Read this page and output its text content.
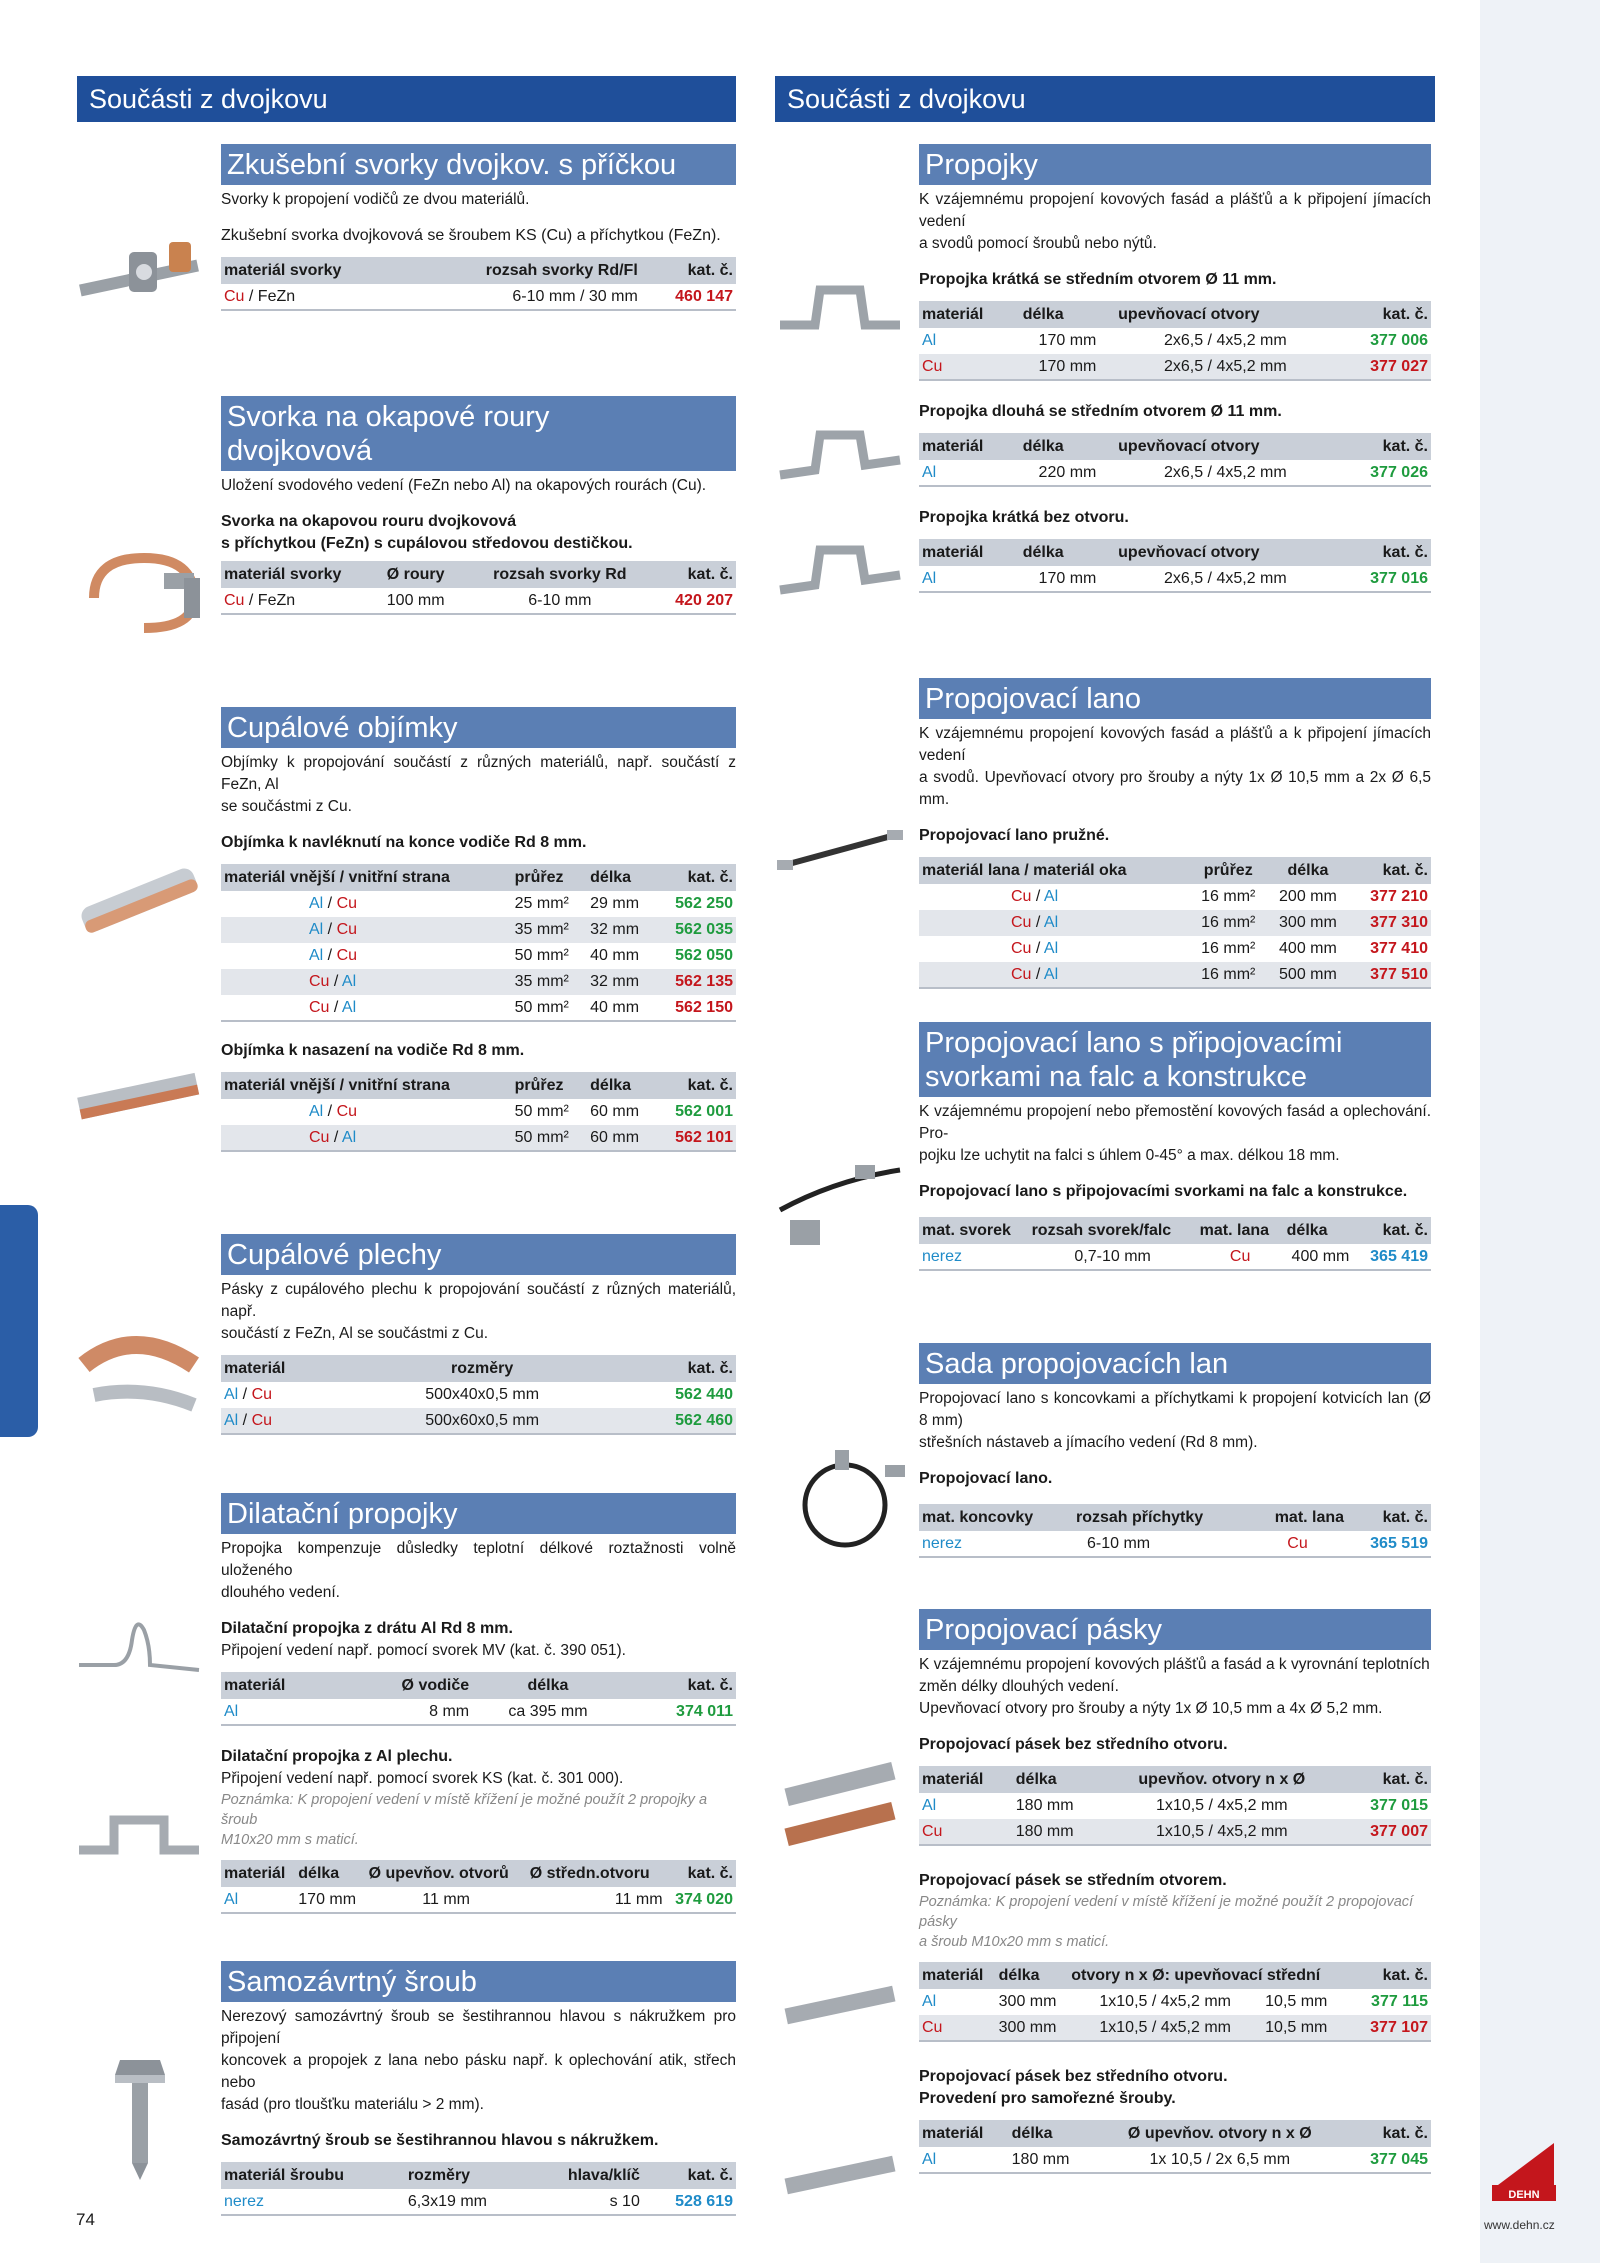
Součásti z dvojkovu	Součásti z dvojkovu
Zkušební svorky dvojkov. s příčkou
Svorky k propojení vodičů ze dvou materiálů.
Zkušební svorka dvojkovová se šroubem KS (Cu) a příchytkou (FeZn).
materiál svorky	rozsah svorky Rd/Fl	kat. č.
Cu / FeZn	6-10 mm / 30 mm	460 147
Svorka na okapové roury
dvojkovová
Uložení svodového vedení (FeZn nebo Al) na okapových rourách (Cu).
Svorka na okapovou rouru dvojkovová
s příchytkou (FeZn) s cupálovou středovou destičkou.
materiál svorky	Ø roury	rozsah svorky Rd	kat. č.
Cu / FeZn	100 mm	6-10 mm	420 207
Cupálové objímky
Objímky k propojování součástí z různých materiálů, např. součástí z FeZn, Al
se součástmi z Cu.
Objímka k navléknutí na konce vodiče Rd 8 mm.
materiál vnější / vnitřní strana	průřez	délka	kat. č.
Al / Cu	25 mm²	29 mm	562 250
Al / Cu	35 mm²	32 mm	562 035
Al / Cu	50 mm²	40 mm	562 050
Cu / Al	35 mm²	32 mm	562 135
Cu / Al	50 mm²	40 mm	562 150
Objímka k nasazení na vodiče Rd 8 mm.
materiál vnější / vnitřní strana	průřez	délka	kat. č.
Al / Cu	50 mm²	60 mm	562 001
Cu / Al	50 mm²	60 mm	562 101
Cupálové plechy
Pásky z cupálového plechu k propojování součástí z různých materiálů, např.
součástí z FeZn, Al se součástmi z Cu.
materiál	rozměry	kat. č.
Al / Cu	500x40x0,5 mm	562 440
Al / Cu	500x60x0,5 mm	562 460
Dilatační propojky
Propojka kompenzuje důsledky teplotní délkové roztažnosti volně uloženého
dlouhého vedení.
Dilatační propojka z drátu Al Rd 8 mm.
Připojení vedení např. pomocí svorek MV (kat. č. 390 051).
materiál	Ø vodiče	délka	kat. č.
Al	8 mm	ca 395 mm	374 011
Dilatační propojka z Al plechu.
Připojení vedení např. pomocí svorek KS (kat. č. 301 000).
Poznámka: K propojení vedení v místě křížení je možné použít 2 propojky a šroub
M10x20 mm s maticí.
materiál	délka	Ø upevňov. otvorů	Ø středn.otvoru	kat. č.
Al	170 mm	11 mm	11 mm	374 020
Samozávrtný šroub
Nerezový samozávrtný šroub se šestihrannou hlavou s nákružkem pro připojení
koncovek a propojek z lana nebo pásku např. k oplechování atik, střech nebo
fasád (pro tloušťku materiálu > 2 mm).
Samozávrtný šroub se šestihrannou hlavou s nákružkem.
materiál šroubu	rozměry	hlava/klíč	kat. č.
nerez	6,3x19 mm	s 10	528 619
Propojky
K vzájemnému propojení kovových fasád a plášťů a k připojení jímacích vedení
a svodů pomocí šroubů nebo nýtů.
Propojka krátká se středním otvorem Ø 11 mm.
materiál	délka	upevňovací otvory	kat. č.
Al	170 mm	2x6,5 / 4x5,2 mm	377 006
Cu	170 mm	2x6,5 / 4x5,2 mm	377 027
Propojka dlouhá se středním otvorem Ø 11 mm.
materiál	délka	upevňovací otvory	kat. č.
Al	220 mm	2x6,5 / 4x5,2 mm	377 026
Propojka krátká bez otvoru.
materiál	délka	upevňovací otvory	kat. č.
Al	170 mm	2x6,5 / 4x5,2 mm	377 016
Propojovací lano
K vzájemnému propojení kovových fasád a plášťů a k připojení jímacích vedení
a svodů. Upevňovací otvory pro šrouby a nýty 1x Ø 10,5 mm a 2x Ø 6,5 mm.
Propojovací lano pružné.
materiál lana / materiál oka	průřez	délka	kat. č.
Cu / Al	16 mm²	200 mm	377 210
Cu / Al	16 mm²	300 mm	377 310
Cu / Al	16 mm²	400 mm	377 410
Cu / Al	16 mm²	500 mm	377 510
Propojovací lano s připojovacími
svorkami na falc a konstrukce
K vzájemnému propojení nebo přemostění kovových fasád a oplechování. Pro-
pojku lze uchytit na falci s úhlem 0-45° a max. délkou 18 mm.
Propojovací lano s připojovacími svorkami na falc a konstrukce.
mat. svorek	rozsah svorek/falc	mat. lana	délka	kat. č.
nerez	0,7-10 mm	Cu	400 mm	365 419
Sada propojovacích lan
Propojovací lano s koncovkami a příchytkami k propojení kotvicích lan (Ø 8 mm)
střešních nástaveb a jímacího vedení (Rd 8 mm).
Propojovací lano.
mat. koncovky	rozsah příchytky	mat. lana	kat. č.
nerez	6-10 mm	Cu	365 519
Propojovací pásky
K vzájemnému propojení kovových plášťů a fasád a k vyrovnání teplotních
změn délky dlouhých vedení.
Upevňovací otvory pro šrouby a nýty 1x Ø 10,5 mm a 4x Ø 5,2 mm.
Propojovací pásek bez středního otvoru.
materiál	délka	upevňov. otvory n x Ø	kat. č.
Al	180 mm	1x10,5 / 4x5,2 mm	377 015
Cu	180 mm	1x10,5 / 4x5,2 mm	377 007
Propojovací pásek se středním otvorem.
Poznámka: K propojení vedení v místě křížení je možné použít 2 propojovací pásky
a šroub M10x20 mm s maticí.
materiál	délka	otvory n x Ø: upevňovací střední		kat. č.
Al	300 mm	1x10,5 / 4x5,2 mm	10,5 mm	377 115
Cu	300 mm	1x10,5 / 4x5,2 mm	10,5 mm	377 107
Propojovací pásek bez středního otvoru.
Provedení pro samořezné šrouby.
materiál	délka	Ø upevňov. otvory n x Ø	kat. č.
Al	180 mm	1x 10,5 / 2x 6,5 mm	377 045
74
DEHN
www.dehn.cz
